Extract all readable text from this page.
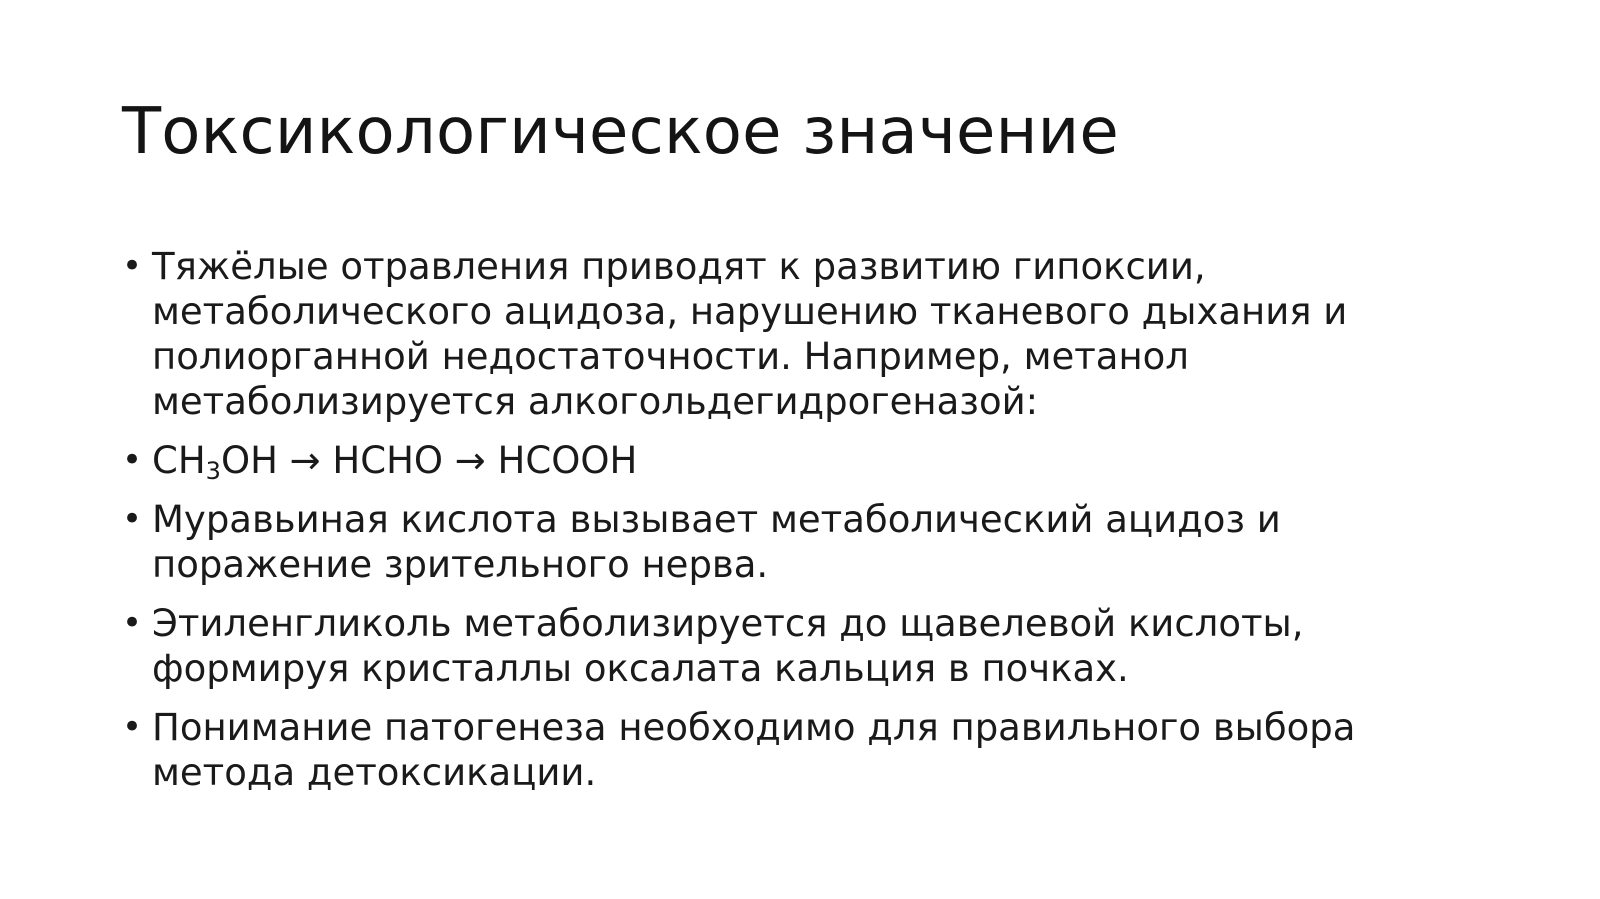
Токсикологическое значение
• Тяжёлые отравления приводят к развитию гипоксии,
метаболического ацидоза, нарушению тканевого дыхания и
полиорганной недостаточности. Например, метанол
метаболизируется алкогольдегидрогеназой:
• $CH_3OH$ → HCHO → HCOOH
• Муравьиная кислота вызывает метаболический ацидоз и
поражение зрительного нерва.
• Этиленгликоль метаболизируется до щавелевой кислоты,
формируя кристаллы оксалата кальция в почках.
• Понимание патогенеза необходимо для правильного выбора
метода детоксикации.
